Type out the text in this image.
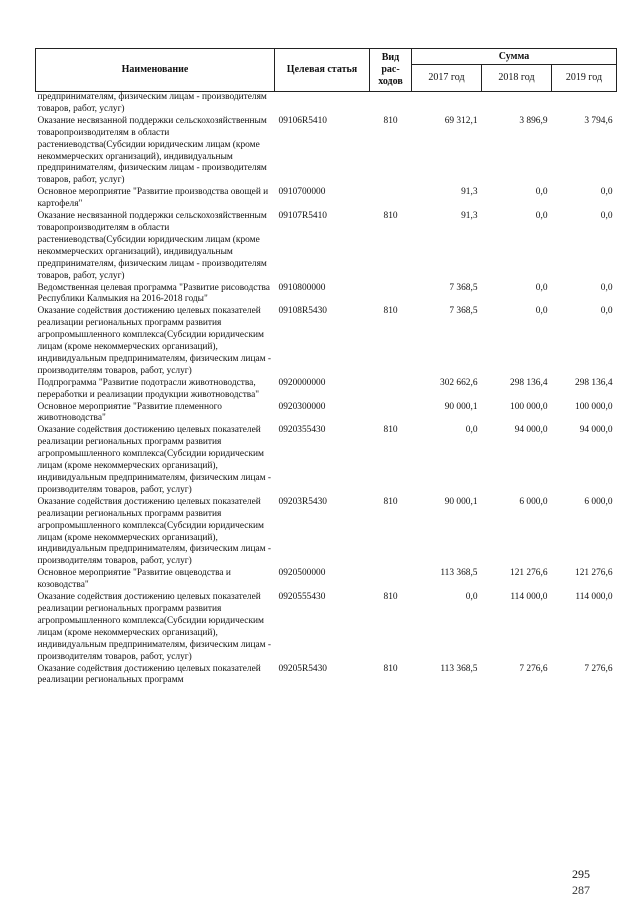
Наименование	Целевая статья	Вид рас-ходов	Сумма		
			2017 год	2018 год	2019 год
предпринимателям, физическим лицам - производителям товаров, работ, услуг)					
Оказание несвязанной поддержки сельскохозяйственным товаропроизводителям в области растениеводства(Субсидии юридическим лицам (кроме некоммерческих организаций), индивидуальным предпринимателям, физическим лицам - производителям товаров, работ, услуг)	09106R5410	810	69 312,1	3 896,9	3 794,6
Основное мероприятие "Развитие производства овощей и картофеля"	0910700000		91,3	0,0	0,0
Оказание несвязанной поддержки сельскохозяйственным товаропроизводителям в области растениеводства(Субсидии юридическим лицам (кроме некоммерческих организаций), индивидуальным предпринимателям, физическим лицам - производителям товаров, работ, услуг)	09107R5410	810	91,3	0,0	0,0
Ведомственная целевая программа "Развитие рисоводства Республики Калмыкия на 2016-2018 годы"	0910800000		7 368,5	0,0	0,0
Оказание содействия достижению целевых показателей реализации региональных программ развития агропромышленного комплекса(Субсидии юридическим лицам (кроме некоммерческих организаций), индивидуальным предпринимателям, физическим лицам - производителям товаров, работ, услуг)	09108R5430	810	7 368,5	0,0	0,0
Подпрограмма "Развитие подотрасли животноводства, переработки и реализации продукции животноводства"	0920000000		302 662,6	298 136,4	298 136,4
Основное мероприятие "Развитие племенного животноводства"	0920300000		90 000,1	100 000,0	100 000,0
Оказание содействия достижению целевых показателей реализации региональных программ развития агропромышленного комплекса(Субсидии юридическим лицам (кроме некоммерческих организаций), индивидуальным предпринимателям, физическим лицам - производителям товаров, работ, услуг)	0920355430	810	0,0	94 000,0	94 000,0
Оказание содействия достижению целевых показателей реализации региональных программ развития агропромышленного комплекса(Субсидии юридическим лицам (кроме некоммерческих организаций), индивидуальным предпринимателям, физическим лицам - производителям товаров, работ, услуг)	09203R5430	810	90 000,1	6 000,0	6 000,0
Основное мероприятие "Развитие овцеводства и козоводства"	0920500000		113 368,5	121 276,6	121 276,6
Оказание содействия достижению целевых показателей реализации региональных программ развития агропромышленного комплекса(Субсидии юридическим лицам (кроме некоммерческих организаций), индивидуальным предпринимателям, физическим лицам - производителям товаров, работ, услуг)	0920555430	810	0,0	114 000,0	114 000,0
Оказание содействия достижению целевых показателей реализации региональных программ	09205R5430	810	113 368,5	7 276,6	7 276,6
295
287
